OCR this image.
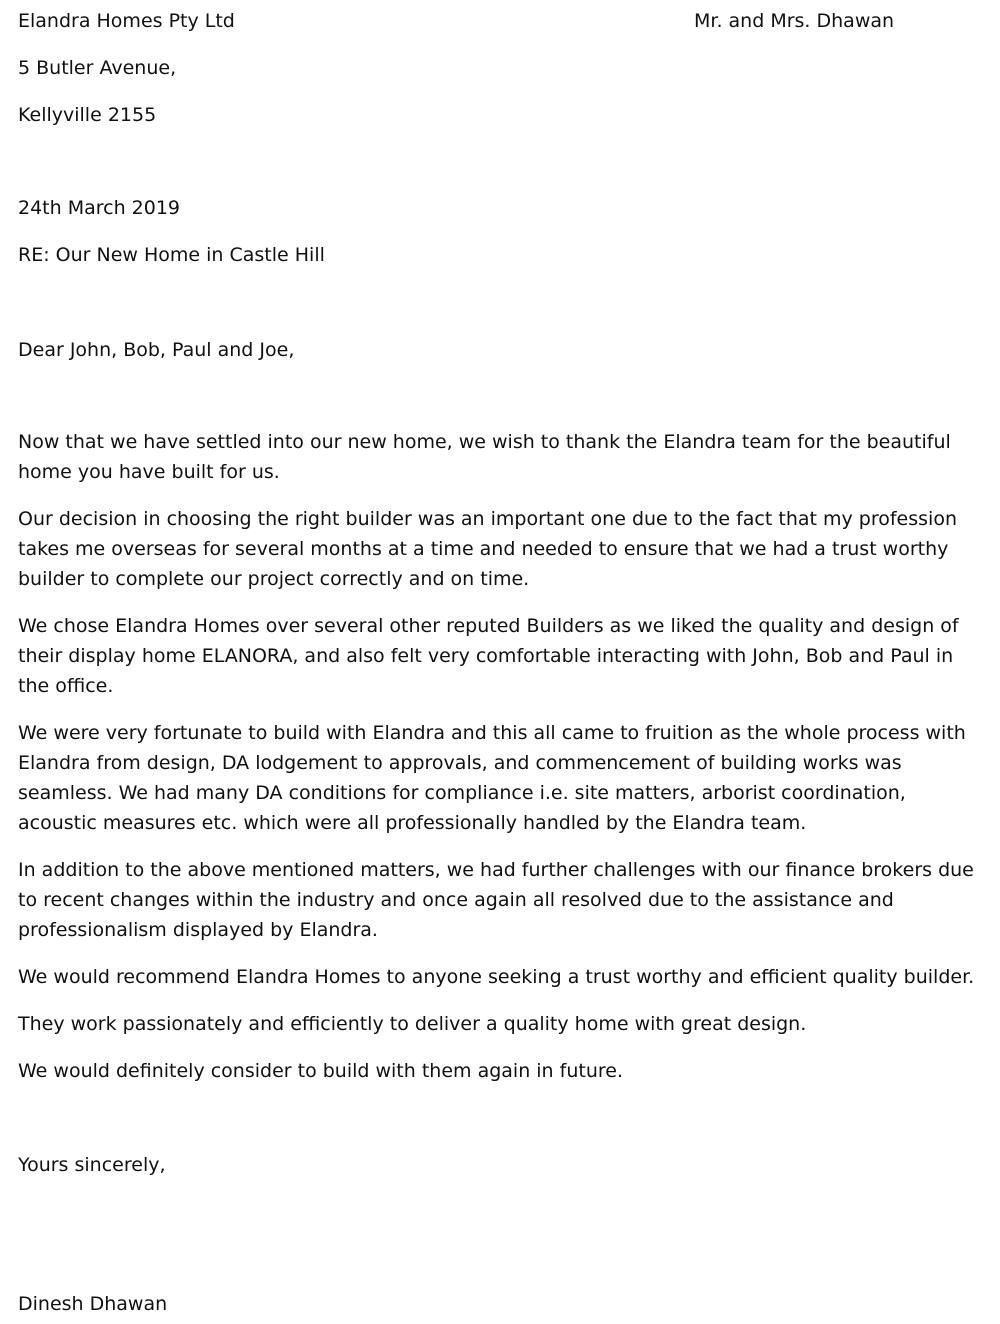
Elandra Homes Pty Ltd	Mr. and Mrs. Dhawan
5 Butler Avenue,
Kellyville 2155
24th March 2019
RE: Our New Home in Castle Hill
Dear John, Bob, Paul and Joe,
Now that we have settled into our new home, we wish to thank the Elandra team for the beautiful home you have built for us.
Our decision in choosing the right builder was an important one due to the fact that my profession takes me overseas for several months at a time and needed to ensure that we had a trust worthy builder to complete our project correctly and on time.
We chose Elandra Homes over several other reputed Builders as we liked the quality and design of their display home ELANORA, and also felt very comfortable interacting with John, Bob and Paul in the office.
We were very fortunate to build with Elandra and this all came to fruition as the whole process with Elandra from design, DA lodgement to approvals, and commencement of building works was seamless. We had many DA conditions for compliance i.e. site matters, arborist coordination, acoustic measures etc. which were all professionally handled by the Elandra team.
In addition to the above mentioned matters, we had further challenges with our finance brokers due to recent changes within the industry and once again all resolved due to the assistance and professionalism displayed by Elandra.
We would recommend Elandra Homes to anyone seeking a trust worthy and efficient quality builder.
They work passionately and efficiently to deliver a quality home with great design.
We would definitely consider to build with them again in future.
Yours sincerely,
Dinesh Dhawan
